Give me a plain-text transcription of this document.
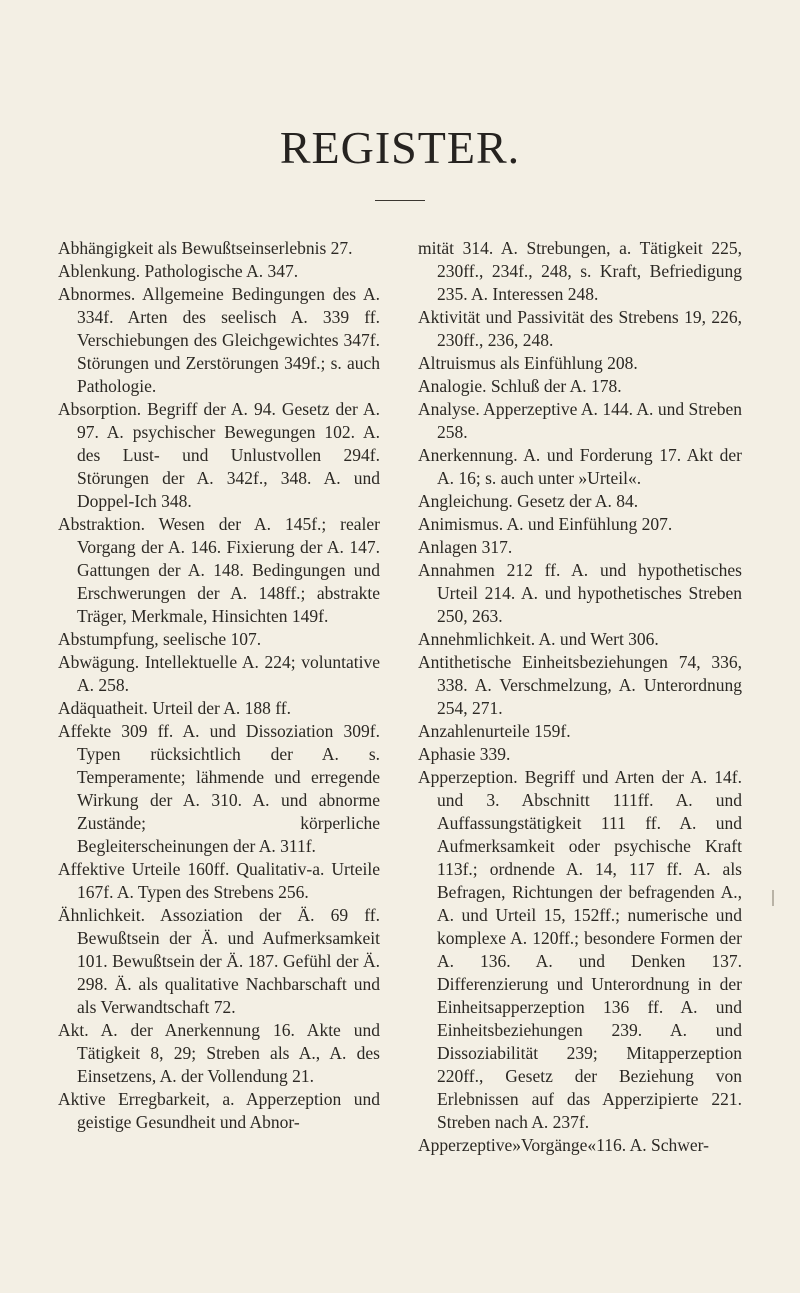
REGISTER.

Abhängigkeit als Bewußtseinserlebnis 27.

Ablenkung. Pathologische A. 347.

Abnormes. Allgemeine Bedingungen des A. 334f. Arten des seelisch A. 339 ff. Verschiebungen des Gleichgewichtes 347f. Störungen und Zerstörungen 349f.; s. auch Pathologie.

Absorption. Begriff der A. 94. Gesetz der A. 97. A. psychischer Bewegungen 102. A. des Lust- und Unlustvollen 294f. Störungen der A. 342f., 348. A. und Doppel-Ich 348.

Abstraktion. Wesen der A. 145f.; realer Vorgang der A. 146. Fixierung der A. 147. Gattungen der A. 148. Bedingungen und Erschwerungen der A. 148ff.; abstrakte Träger, Merkmale, Hinsichten 149f.

Abstumpfung, seelische 107.

Abwägung. Intellektuelle A. 224; voluntative A. 258.

Adäquatheit. Urteil der A. 188 ff.

Affekte 309 ff. A. und Dissoziation 309f. Typen rücksichtlich der A. s. Temperamente; lähmende und erregende Wirkung der A. 310. A. und abnorme Zustände; körperliche Begleiterscheinungen der A. 311f.

Affektive Urteile 160ff. Qualitativ-a. Urteile 167f. A. Typen des Strebens 256.

Ähnlichkeit. Assoziation der Ä. 69 ff. Bewußtsein der Ä. und Aufmerksamkeit 101. Bewußtsein der Ä. 187. Gefühl der Ä. 298. Ä. als qualitative Nachbarschaft und als Verwandtschaft 72.

Akt. A. der Anerkennung 16. Akte und Tätigkeit 8, 29; Streben als A., A. des Einsetzens, A. der Vollendung 21.

Aktive Erregbarkeit, a. Apperzeption und geistige Gesundheit und Abnor-

mität 314. A. Strebungen, a. Tätigkeit 225, 230ff., 234f., 248, s. Kraft, Befriedigung 235. A. Interessen 248.

Aktivität und Passivität des Strebens 19, 226, 230ff., 236, 248.

Altruismus als Einfühlung 208.

Analogie. Schluß der A. 178.

Analyse. Apperzeptive A. 144. A. und Streben 258.

Anerkennung. A. und Forderung 17. Akt der A. 16; s. auch unter »Urteil«.

Angleichung. Gesetz der A. 84.

Animismus. A. und Einfühlung 207.

Anlagen 317.

Annahmen 212 ff. A. und hypothetisches Urteil 214. A. und hypothetisches Streben 250, 263.

Annehmlichkeit. A. und Wert 306.

Antithetische Einheitsbeziehungen 74, 336, 338. A. Verschmelzung, A. Unterordnung 254, 271.

Anzahlenurteile 159f.

Aphasie 339.

Apperzeption. Begriff und Arten der A. 14f. und 3. Abschnitt 111ff. A. und Auffassungstätigkeit 111 ff. A. und Aufmerksamkeit oder psychische Kraft 113f.; ordnende A. 14, 117 ff. A. als Befragen, Richtungen der befragenden A., A. und Urteil 15, 152ff.; numerische und komplexe A. 120ff.; besondere Formen der A. 136. A. und Denken 137. Differenzierung und Unterordnung in der Einheitsapperzeption 136 ff. A. und Einheitsbeziehungen 239. A. und Dissoziabilität 239; Mitapperzeption 220ff., Gesetz der Beziehung von Erlebnissen auf das Apperzipierte 221. Streben nach A. 237f.

Apperzeptive»Vorgänge«116. A. Schwer-
